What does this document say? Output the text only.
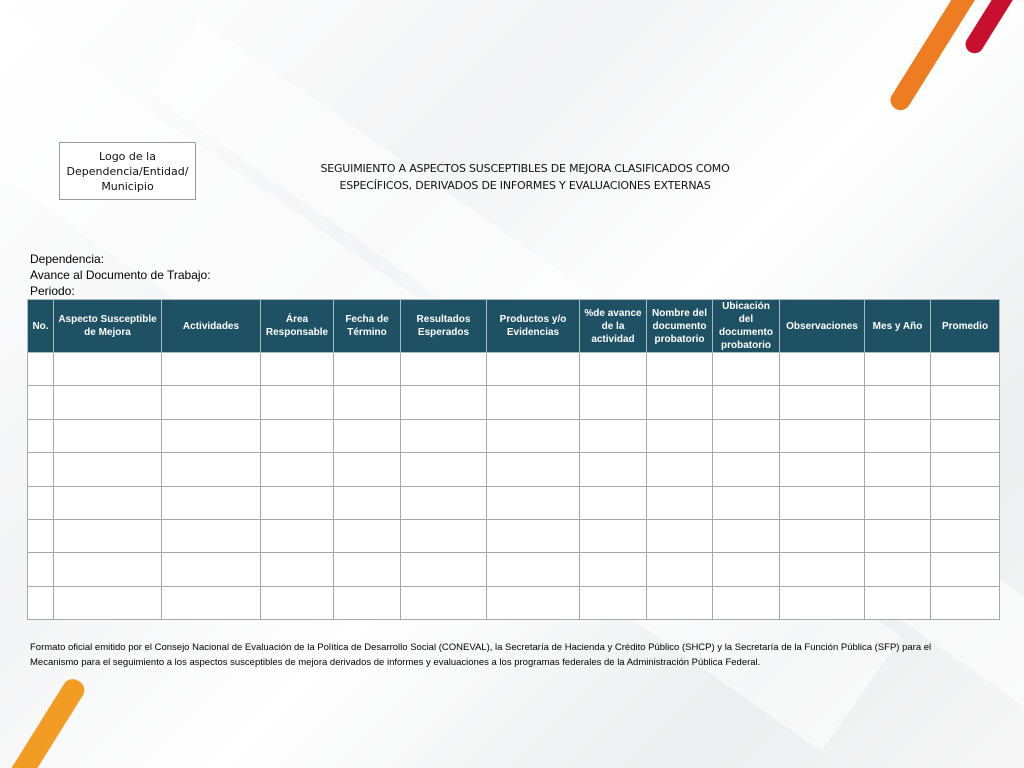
Logo de la
Dependencia/Entidad/
Municipio
SEGUIMIENTO A ASPECTOS SUSCEPTIBLES DE MEJORA CLASIFICADOS COMO
ESPECÍFICOS, DERIVADOS DE INFORMES Y EVALUACIONES EXTERNAS
Dependencia:
Avance al Documento de Trabajo:
Periodo:
No.	Aspecto Susceptible
de Mejora	Actividades	Área
Responsable	Fecha de
Término	Resultados
Esperados	Productos y/o
Evidencias	%de avance
de la
actividad	Nombre del
documento
probatorio	Ubicación
del
documento
probatorio	Observaciones	Mes y Año	Promedio

Formato oficial emitido por el Consejo Nacional de Evaluación de la Política de Desarrollo Social (CONEVAL), la Secretaría de Hacienda y Crédito Público (SHCP) y la Secretaría de la Función Pública (SFP) para el
Mecanismo para el seguimiento a los aspectos susceptibles de mejora derivados de informes y evaluaciones a los programas federales de la Administración Pública Federal.
